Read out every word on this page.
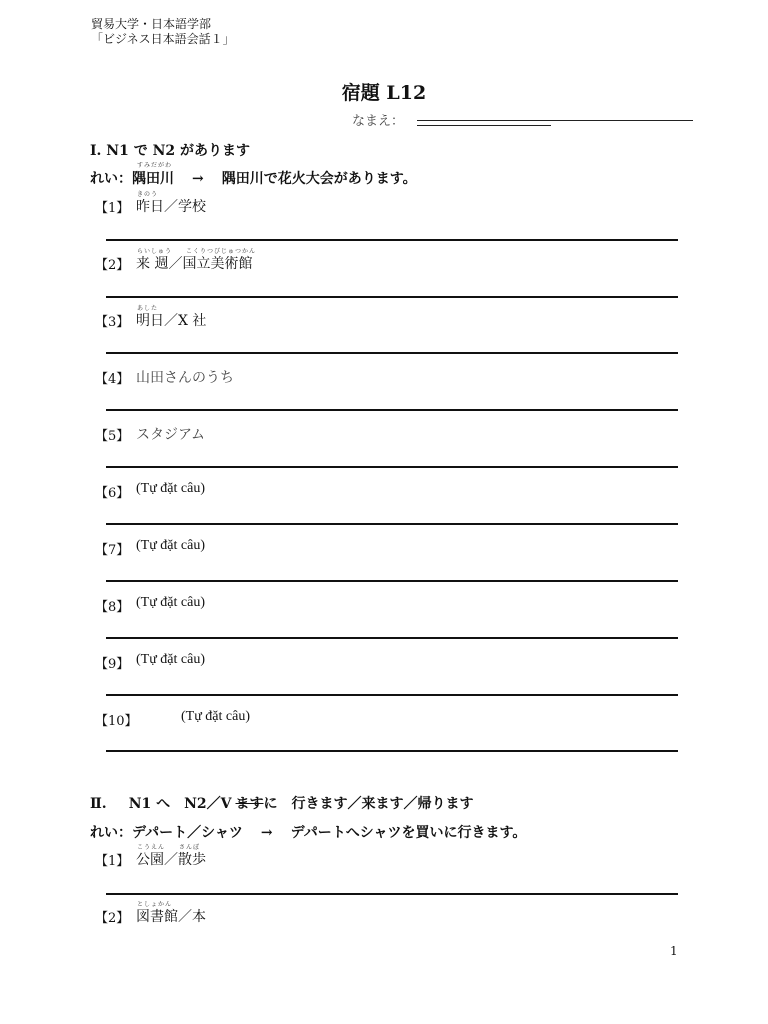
貿易大学・日本語学部
「ビジネス日本語会話１」
宿題 L12
なまえ：
I. N1 で N2 があります
すみだがわ
れい：隅田川 → 隅田川で花火大会があります。
きのう
【1】 昨日／学校
らいしゅう　　こくりつびじゅつかん
【2】 来 週／国立美術館
あした
【3】 明日／X 社
【4】 山田さんのうち
【5】 スタジアム
【6】 (Tự đặt câu)
【7】 (Tự đặt câu)
【8】 (Tự đặt câu)
【9】 (Tự đặt câu)
【10】	(Tự đặt câu)
Ⅱ. N1 へ　N2／V ますに　行きます／来ます／帰ります
れい：デパート／シャツ → デパートへシャツを買いに行きます。
こうえん　　さんぽ
【1】 公園／散歩
としょかん
【2】 図書館／本
1
